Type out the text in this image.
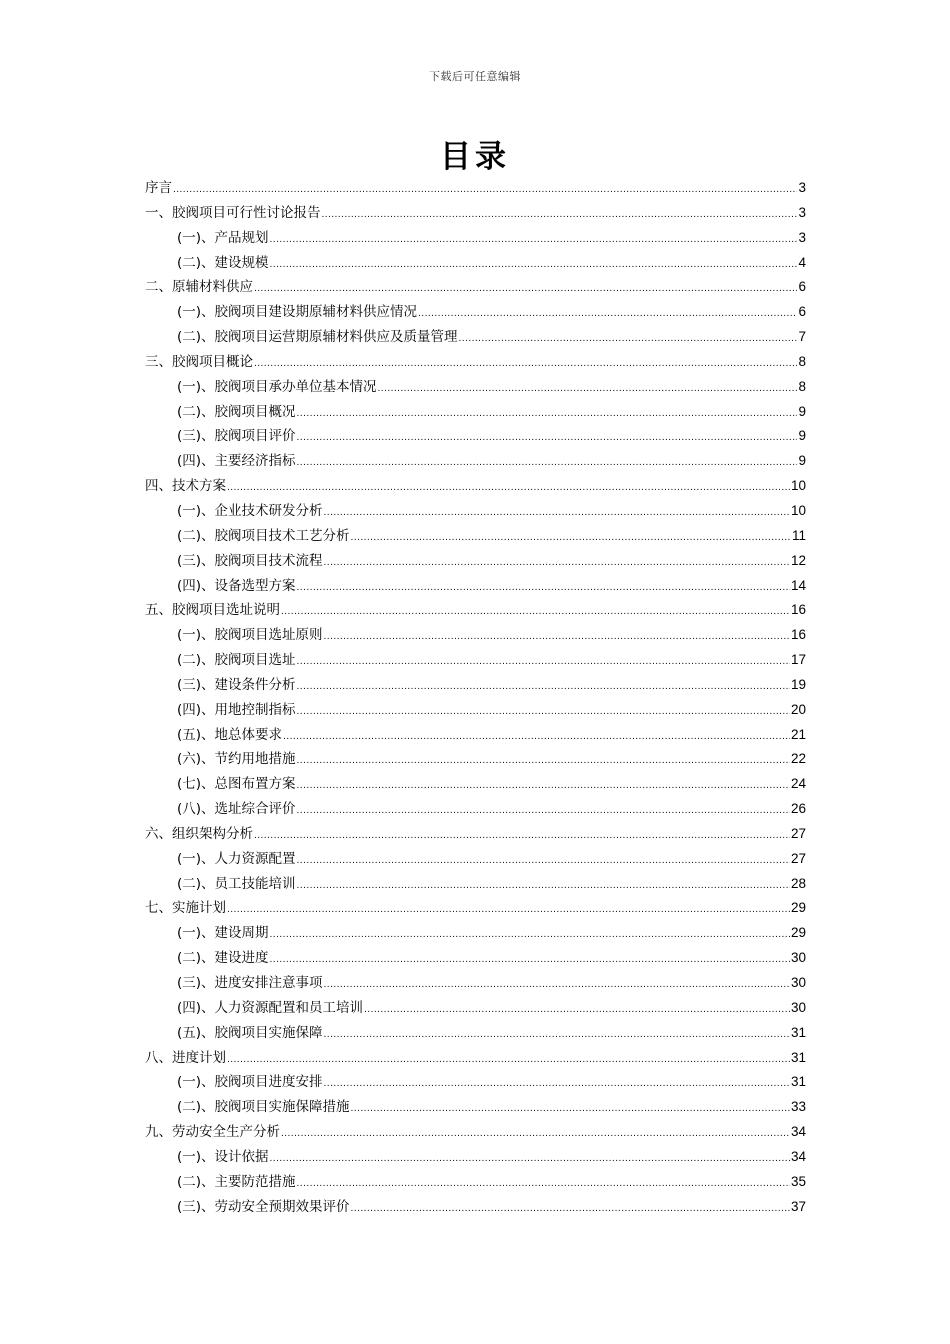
下载后可任意编辑
目录
序言 .....	3
一、胶阀项目可行性讨论报告 .....	3
(一)、产品规划 .....	3
(二)、建设规模 .....	4
二、原辅材料供应 .....	6
(一)、胶阀项目建设期原辅材料供应情况 .....	6
(二)、胶阀项目运营期原辅材料供应及质量管理 .....	7
三、胶阀项目概论 .....	8
(一)、胶阀项目承办单位基本情况 .....	8
(二)、胶阀项目概况 .....	9
(三)、胶阀项目评价 .....	9
(四)、主要经济指标 .....	9
四、技术方案 .....	10
(一)、企业技术研发分析 .....	10
(二)、胶阀项目技术工艺分析 .....	11
(三)、胶阀项目技术流程 .....	12
(四)、设备选型方案 .....	14
五、胶阀项目选址说明 .....	16
(一)、胶阀项目选址原则 .....	16
(二)、胶阀项目选址 .....	17
(三)、建设条件分析 .....	19
(四)、用地控制指标 .....	20
(五)、地总体要求 .....	21
(六)、节约用地措施 .....	22
(七)、总图布置方案 .....	24
(八)、选址综合评价 .....	26
六、组织架构分析 .....	27
(一)、人力资源配置 .....	27
(二)、员工技能培训 .....	28
七、实施计划 .....	29
(一)、建设周期 .....	29
(二)、建设进度 .....	30
(三)、进度安排注意事项 .....	30
(四)、人力资源配置和员工培训 .....	30
(五)、胶阀项目实施保障 .....	31
八、进度计划 .....	31
(一)、胶阀项目进度安排 .....	31
(二)、胶阀项目实施保障措施 .....	33
九、劳动安全生产分析 .....	34
(一)、设计依据 .....	34
(二)、主要防范措施 .....	35
(三)、劳动安全预期效果评价 .....	37
